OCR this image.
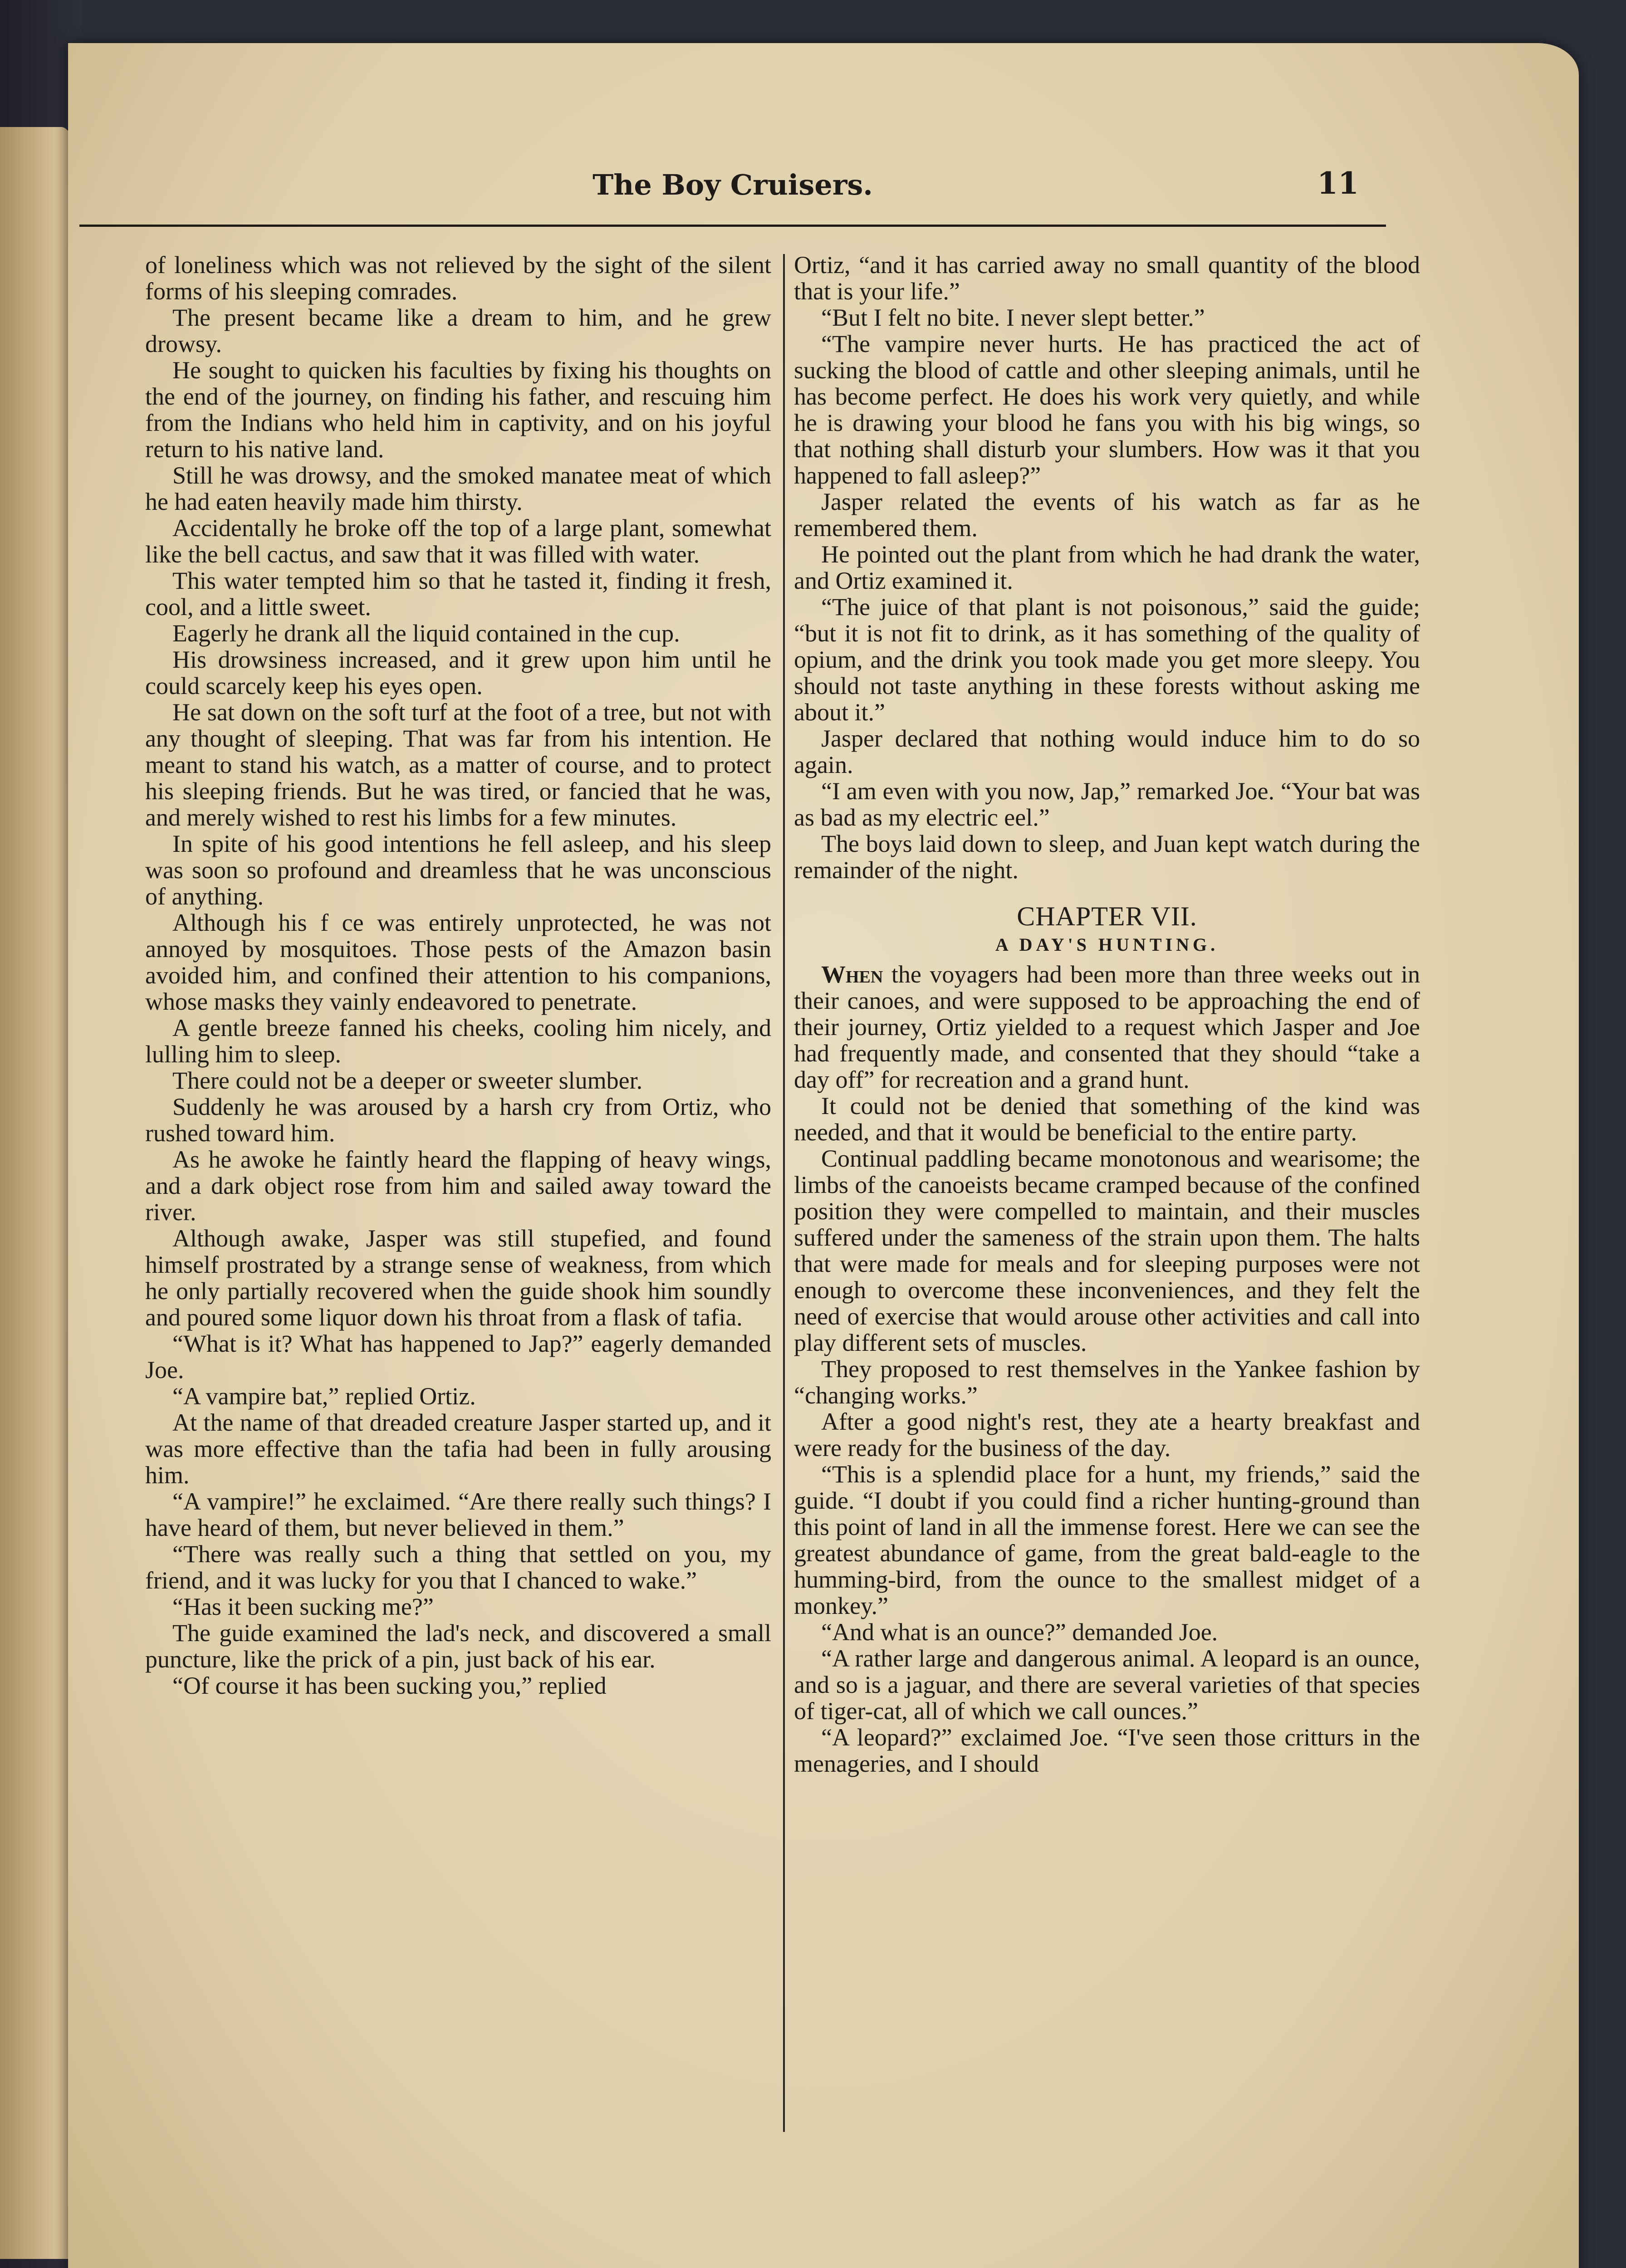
The Boy Cruisers.	11

of loneliness which was not relieved by the sight of the silent forms of his sleeping comrades.

The present became like a dream to him, and he grew drowsy.

He sought to quicken his faculties by fixing his thoughts on the end of the journey, on finding his father, and rescuing him from the Indians who held him in captivity, and on his joyful return to his native land.

Still he was drowsy, and the smoked manatee meat of which he had eaten heavily made him thirsty.

Accidentally he broke off the top of a large plant, somewhat like the bell cactus, and saw that it was filled with water.

This water tempted him so that he tasted it, finding it fresh, cool, and a little sweet.

Eagerly he drank all the liquid contained in the cup.

His drowsiness increased, and it grew upon him until he could scarcely keep his eyes open.

He sat down on the soft turf at the foot of a tree, but not with any thought of sleeping. That was far from his intention. He meant to stand his watch, as a matter of course, and to protect his sleeping friends. But he was tired, or fancied that he was, and merely wished to rest his limbs for a few minutes.

In spite of his good intentions he fell asleep, and his sleep was soon so profound and dreamless that he was unconscious of anything.

Although his f ce was entirely unprotected, he was not annoyed by mosquitoes. Those pests of the Amazon basin avoided him, and confined their attention to his companions, whose masks they vainly endeavored to penetrate.

A gentle breeze fanned his cheeks, cooling him nicely, and lulling him to sleep.

There could not be a deeper or sweeter slumber.

Suddenly he was aroused by a harsh cry from Ortiz, who rushed toward him.

As he awoke he faintly heard the flapping of heavy wings, and a dark object rose from him and sailed away toward the river.

Although awake, Jasper was still stupefied, and found himself prostrated by a strange sense of weakness, from which he only partially recovered when the guide shook him soundly and poured some liquor down his throat from a flask of tafia.

“What is it? What has happened to Jap?” eagerly demanded Joe.

“A vampire bat,” replied Ortiz.

At the name of that dreaded creature Jasper started up, and it was more effective than the tafia had been in fully arousing him.

“A vampire!” he exclaimed. “Are there really such things? I have heard of them, but never believed in them.”

“There was really such a thing that settled on you, my friend, and it was lucky for you that I chanced to wake.”

“Has it been sucking me?”

The guide examined the lad's neck, and discovered a small puncture, like the prick of a pin, just back of his ear.

“Of course it has been sucking you,” replied

Ortiz, “and it has carried away no small quantity of the blood that is your life.”

“But I felt no bite. I never slept better.”

“The vampire never hurts. He has practiced the act of sucking the blood of cattle and other sleeping animals, until he has become perfect. He does his work very quietly, and while he is drawing your blood he fans you with his big wings, so that nothing shall disturb your slumbers. How was it that you happened to fall asleep?”

Jasper related the events of his watch as far as he remembered them.

He pointed out the plant from which he had drank the water, and Ortiz examined it.

“The juice of that plant is not poisonous,” said the guide; “but it is not fit to drink, as it has something of the quality of opium, and the drink you took made you get more sleepy. You should not taste anything in these forests without asking me about it.”

Jasper declared that nothing would induce him to do so again.

“I am even with you now, Jap,” remarked Joe. “Your bat was as bad as my electric eel.”

The boys laid down to sleep, and Juan kept watch during the remainder of the night.

CHAPTER VII.
A DAY'S HUNTING.

When the voyagers had been more than three weeks out in their canoes, and were supposed to be approaching the end of their journey, Ortiz yielded to a request which Jasper and Joe had frequently made, and consented that they should “take a day off” for recreation and a grand hunt.

It could not be denied that something of the kind was needed, and that it would be beneficial to the entire party.

Continual paddling became monotonous and wearisome; the limbs of the canoeists became cramped because of the confined position they were compelled to maintain, and their muscles suffered under the sameness of the strain upon them. The halts that were made for meals and for sleeping purposes were not enough to overcome these inconveniences, and they felt the need of exercise that would arouse other activities and call into play different sets of muscles.

They proposed to rest themselves in the Yankee fashion by “changing works.”

After a good night's rest, they ate a hearty breakfast and were ready for the business of the day.

“This is a splendid place for a hunt, my friends,” said the guide. “I doubt if you could find a richer hunting-ground than this point of land in all the immense forest. Here we can see the greatest abundance of game, from the great bald-eagle to the humming-bird, from the ounce to the smallest midget of a monkey.”

“And what is an ounce?” demanded Joe.

“A rather large and dangerous animal. A leopard is an ounce, and so is a jaguar, and there are several varieties of that species of tiger-cat, all of which we call ounces.”

“A leopard?” exclaimed Joe. “I've seen those critturs in the menageries, and I should
